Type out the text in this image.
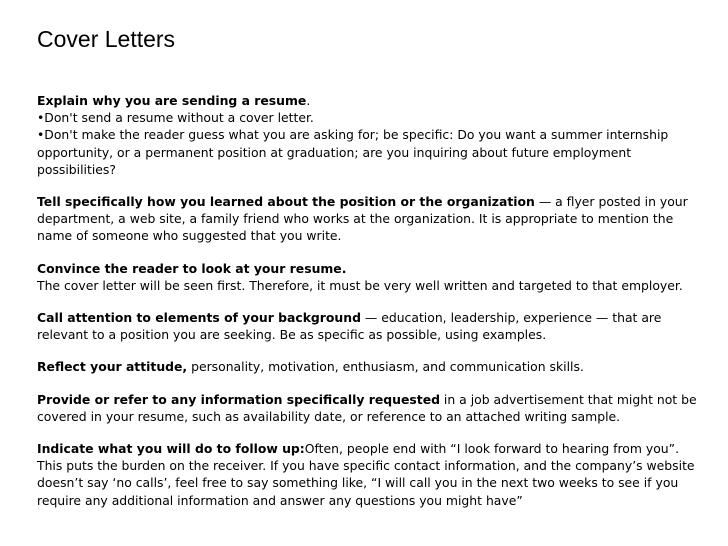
Cover Letters

Explain why you are sending a resume.
•Don't send a resume without a cover letter.
•Don't make the reader guess what you are asking for; be specific: Do you want a summer internship
opportunity, or a permanent position at graduation; are you inquiring about future employment
possibilities?

Tell specifically how you learned about the position or the organization — a flyer posted in your
department, a web site, a family friend who works at the organization. It is appropriate to mention the
name of someone who suggested that you write.

Convince the reader to look at your resume.
The cover letter will be seen first. Therefore, it must be very well written and targeted to that employer.

Call attention to elements of your background — education, leadership, experience — that are
relevant to a position you are seeking. Be as specific as possible, using examples.

Reflect your attitude, personality, motivation, enthusiasm, and communication skills.

Provide or refer to any information specifically requested in a job advertisement that might not be
covered in your resume, such as availability date, or reference to an attached writing sample.

Indicate what you will do to follow up:Often, people end with “I look forward to hearing from you”.
This puts the burden on the receiver. If you have specific contact information, and the company’s website
doesn’t say ‘no calls’, feel free to say something like, “I will call you in the next two weeks to see if you
require any additional information and answer any questions you might have”
